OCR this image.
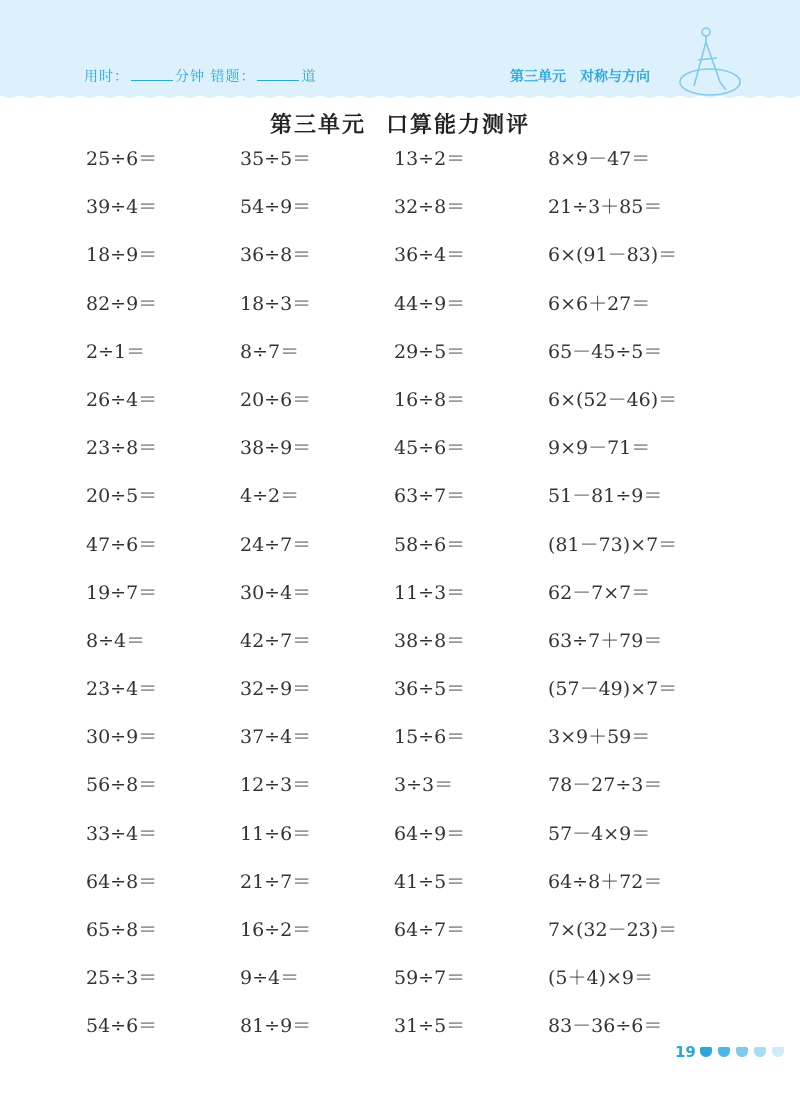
用时：	分钟 错题：	道	第三单元 对称与方向
第三单元 口算能力测评
25÷6＝	35÷5＝	13÷2＝	8×9－47＝
39÷4＝	54÷9＝	32÷8＝	21÷3＋85＝
18÷9＝	36÷8＝	36÷4＝	6×(91－83)＝
82÷9＝	18÷3＝	44÷9＝	6×6＋27＝
2÷1＝	8÷7＝	29÷5＝	65－45÷5＝
26÷4＝	20÷6＝	16÷8＝	6×(52－46)＝
23÷8＝	38÷9＝	45÷6＝	9×9－71＝
20÷5＝	4÷2＝	63÷7＝	51－81÷9＝
47÷6＝	24÷7＝	58÷6＝	(81－73)×7＝
19÷7＝	30÷4＝	11÷3＝	62－7×7＝
8÷4＝	42÷7＝	38÷8＝	63÷7＋79＝
23÷4＝	32÷9＝	36÷5＝	(57－49)×7＝
30÷9＝	37÷4＝	15÷6＝	3×9＋59＝
56÷8＝	12÷3＝	3÷3＝	78－27÷3＝
33÷4＝	11÷6＝	64÷9＝	57－4×9＝
64÷8＝	21÷7＝	41÷5＝	64÷8＋72＝
65÷8＝	16÷2＝	64÷7＝	7×(32－23)＝
25÷3＝	9÷4＝	59÷7＝	(5＋4)×9＝
54÷6＝	81÷9＝	31÷5＝	83－36÷6＝
19
